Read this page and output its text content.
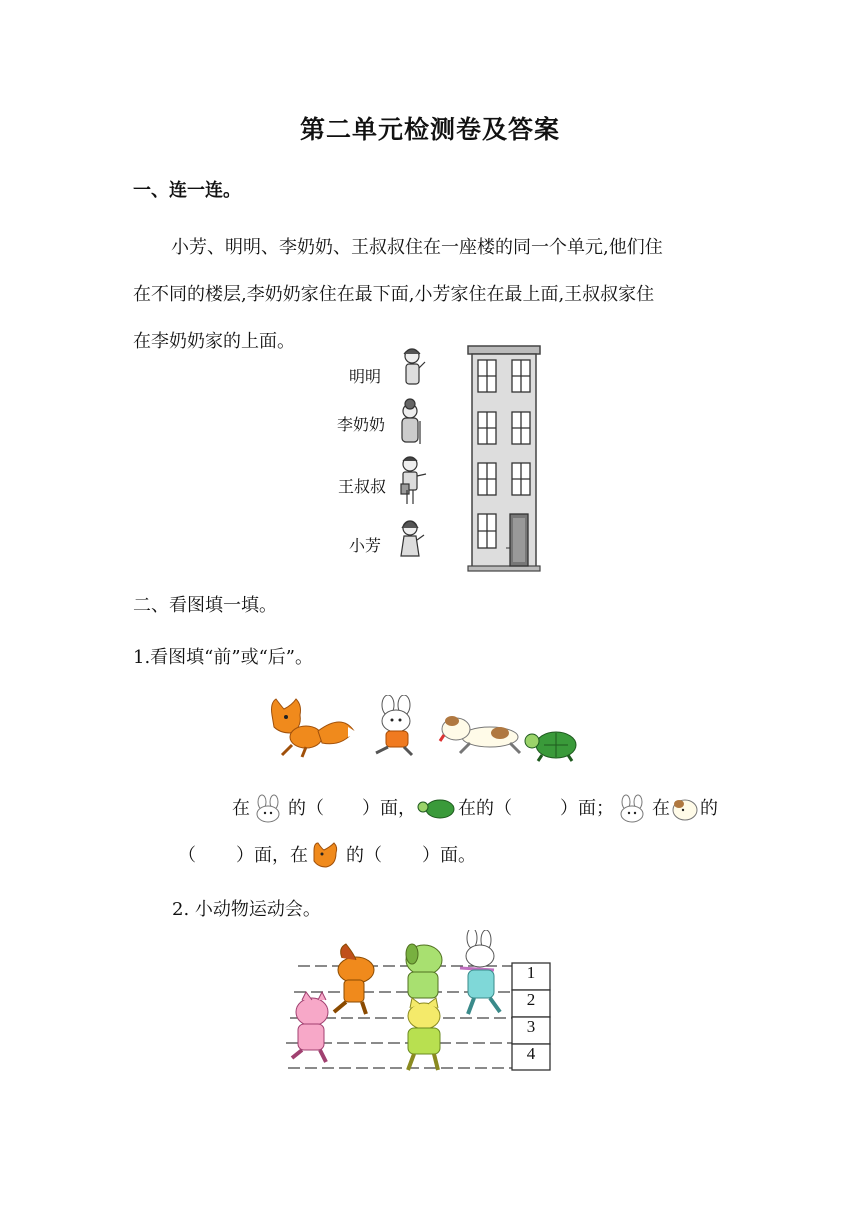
第二单元检测卷及答案
一、连一连。
小芳、明明、李奶奶、王叔叔住在一座楼的同一个单元,他们住
在不同的楼层,李奶奶家住在最下面,小芳家住在最上面,王叔叔家住
在李奶奶家的上面。
明明
李奶奶
王叔叔
小芳
二、看图填一填。
1.看图填“前”或“后”。
在 的（ ）面， 在的（	）面； 在 的
（ ）面，在 的（ ）面。
2. 小动物运动会。
1
2
3
4
